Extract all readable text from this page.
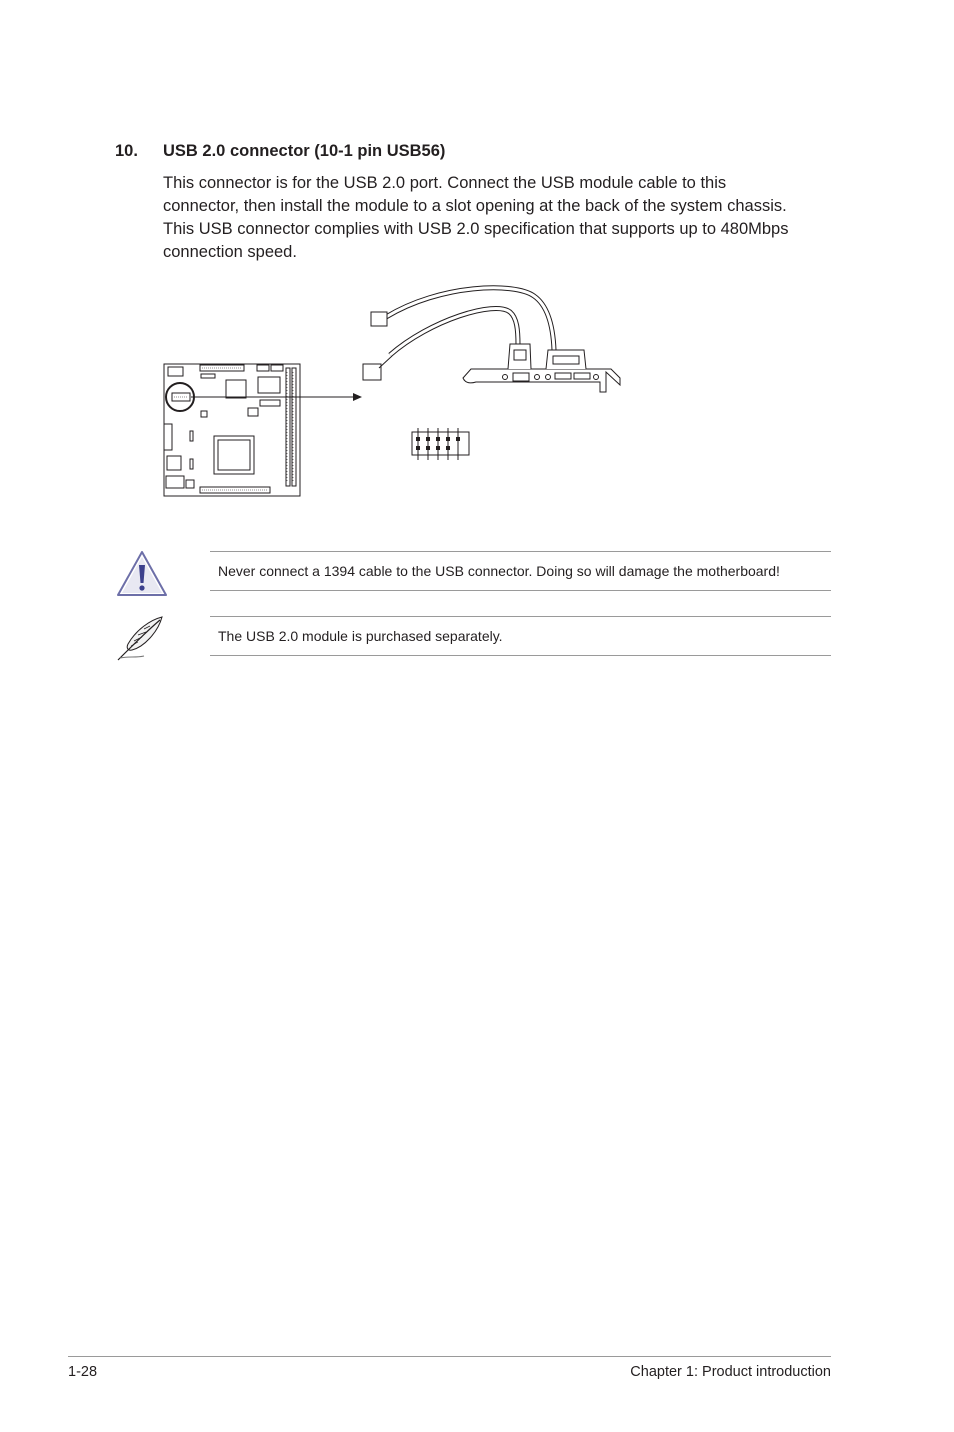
10. USB 2.0 connector (10-1 pin USB56)

This connector is for the USB 2.0 port. Connect the USB module cable to this
connector, then install the module to a slot opening at the back of the system chassis.
This USB connector complies with USB 2.0 specification that supports up to 480Mbps
connection speed.

Never connect a 1394 cable to the USB connector. Doing so will damage the motherboard!
The USB 2.0 module is purchased separately.
1-28	Chapter 1: Product introduction
